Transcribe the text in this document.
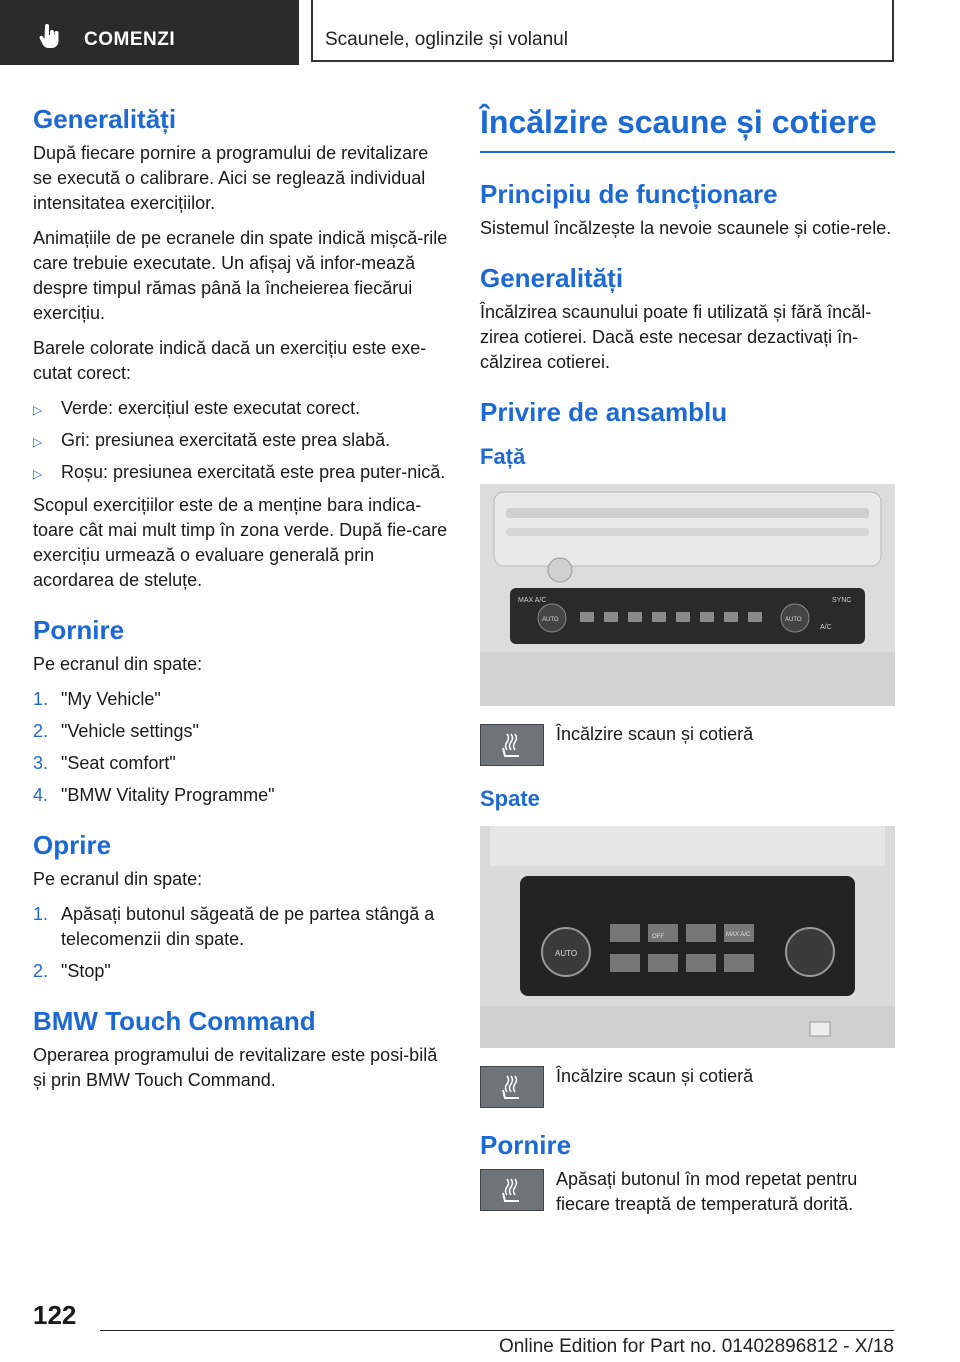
COMENZI	Scaunele, oglinzile și volanul
Generalități

După fiecare pornire a programului de revitalizare se execută o calibrare. Aici se reglează individual intensitatea exercițiilor.

Animațiile de pe ecranele din spate indică mișcă-rile care trebuie executate. Un afișaj vă infor-mează despre timpul rămas până la încheierea fiecărui exercițiu.

Barele colorate indică dacă un exercițiu este exe-cutat corect:

▷ Verde: exercițiul este executat corect.
▷ Gri: presiunea exercitată este prea slabă.
▷ Roșu: presiunea exercitată este prea puter-nică.

Scopul exercițiilor este de a menține bara indica-toare cât mai mult timp în zona verde. După fie-care exercițiu urmează o evaluare generală prin acordarea de steluțe.

Pornire

Pe ecranul din spate:

1. "My Vehicle"
2. "Vehicle settings"
3. "Seat comfort"
4. "BMW Vitality Programme"
Oprire

Pe ecranul din spate:

1. Apăsați butonul săgeată de pe partea stângă a telecomenzii din spate.
2. "Stop"
BMW Touch Command

Operarea programului de revitalizare este posi-bilă și prin BMW Touch Command.

Încălzire scaune și cotiere
Principiu de funcționare

Sistemul încălzește la nevoie scaunele și cotie-rele.

Generalități

Încălzirea scaunului poate fi utilizată și fără încăl-zirea cotierei. Dacă este necesar dezactivați în-călzirea cotierei.

Privire de ansamblu
Față
MAX A/C
AUTO	AUTO
SYNC
A/C
Încălzire scaun și cotieră
Spate
AUTO
OFF	MAX A/C
Încălzire scaun și cotieră
Pornire
Apăsați butonul în mod repetat pentru fiecare treaptă de temperatură dorită.
122
Online Edition for Part no. 01402896812 - X/18
